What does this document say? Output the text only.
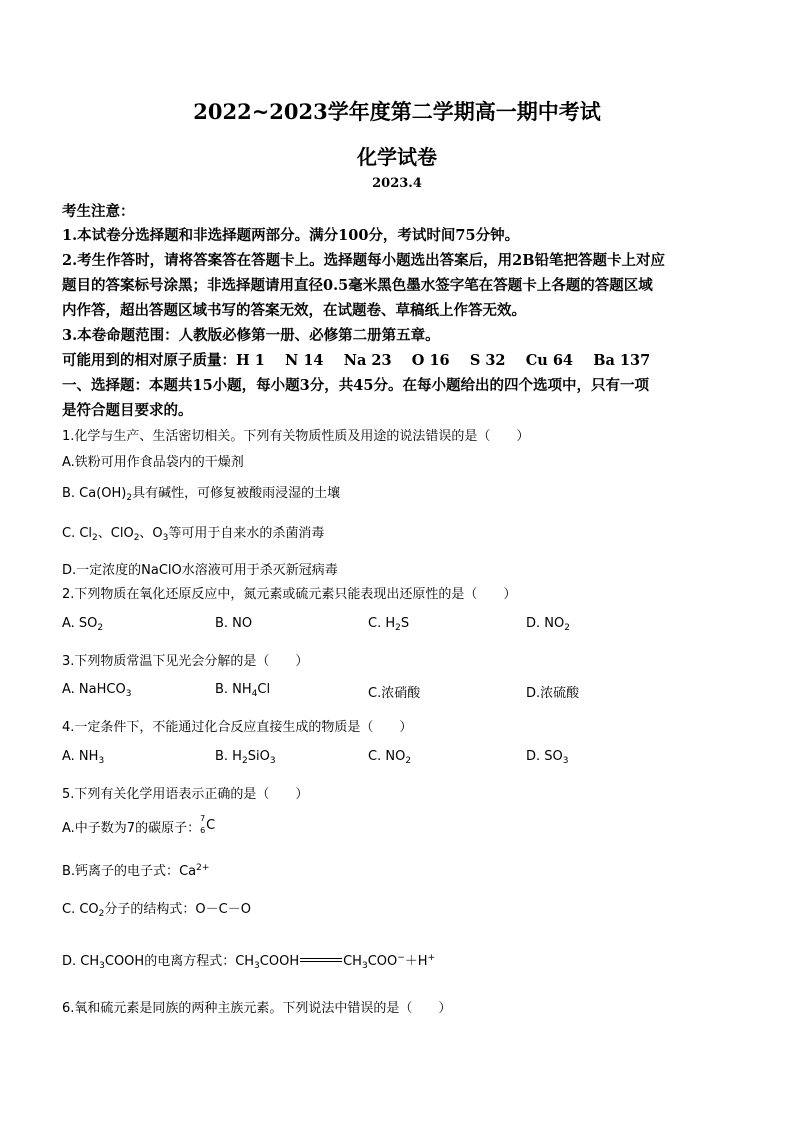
2022~2023学年度第二学期高一期中考试
化学试卷
2023.4
考生注意：
1.本试卷分选择题和非选择题两部分。满分100分，考试时间75分钟。
2.考生作答时，请将答案答在答题卡上。选择题每小题选出答案后，用2B铅笔把答题卡上对应
题目的答案标号涂黑；非选择题请用直径0.5毫米黑色墨水签字笔在答题卡上各题的答题区域
内作答，超出答题区域书写的答案无效，在试题卷、草稿纸上作答无效。
3.本卷命题范围：人教版必修第一册、必修第二册第五章。
可能用到的相对原子质量：H 1    N 14    Na 23    O 16    S 32    Cu 64    Ba 137
一、选择题：本题共15小题，每小题3分，共45分。在每小题给出的四个选项中，只有一项
是符合题目要求的。
1.化学与生产、生活密切相关。下列有关物质性质及用途的说法错误的是（　　）
A.铁粉可用作食品袋内的干燥剂
B. $Ca(OH)_2$具有碱性，可修复被酸雨浸湿的土壤
C. $Cl_2$、ClO$_2$、$O_3$等可用于自来水的杀菌消毒
D.一定浓度的NaClO水溶液可用于杀灭新冠病毒
2.下列物质在氧化还原反应中，氮元素或硫元素只能表现出还原性的是（　　）
A. $SO_2$	B. NO	C. $H_2S$	D. $NO_2$
3.下列物质常温下见光会分解的是（　　）
A. NaHCO$_3$	B. $NH_4Cl$	C.浓硝酸	D.浓硫酸
4.一定条件下，不能通过化合反应直接生成的物质是（　　）
A. $NH_3$	B. $H_2SiO_3$	C. $NO_2$	D. $SO_3$
5.下列有关化学用语表示正确的是（　　）
A.中子数为7的碳原子：
7
6 C
B.钙离子的电子式：$Ca^{2+}$
C. $CO_2$分子的结构式：O－C－O
D. $CH_3COOH$的电离方程式：$CH_3COOH$	$CH_3COO^-+H^+$
6.氧和硫元素是同族的两种主族元素。下列说法中错误的是（　　）
